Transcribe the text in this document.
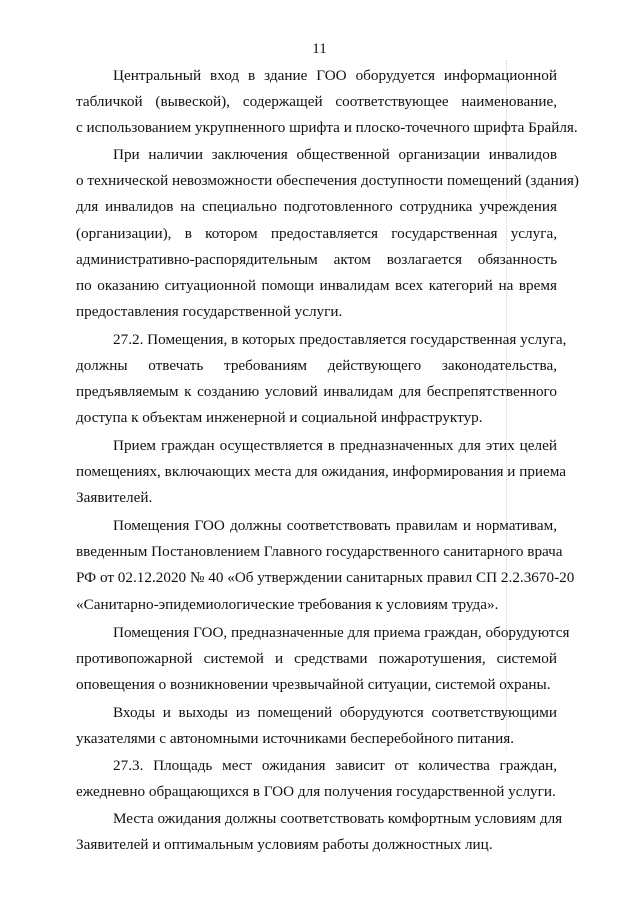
11
Центральный вход в здание ГОО оборудуется информационной
табличкой (вывеской), содержащей соответствующее наименование,
с использованием укрупненного шрифта и плоско-точечного шрифта Брайля.
При наличии заключения общественной организации инвалидов
о технической невозможности обеспечения доступности помещений (здания)
для инвалидов на специально подготовленного сотрудника учреждения
(организации), в котором предоставляется государственная услуга,
административно-распорядительным актом возлагается обязанность
по оказанию ситуационной помощи инвалидам всех категорий на время
предоставления государственной услуги.
27.2. Помещения, в которых предоставляется государственная услуга,
должны отвечать требованиям действующего законодательства,
предъявляемым к созданию условий инвалидам для беспрепятственного
доступа к объектам инженерной и социальной инфраструктур.
Прием граждан осуществляется в предназначенных для этих целей
помещениях, включающих места для ожидания, информирования и приема
Заявителей.
Помещения ГОО должны соответствовать правилам и нормативам,
введенным Постановлением Главного государственного санитарного врача
РФ от 02.12.2020 № 40 «Об утверждении санитарных правил СП 2.2.3670-20
«Санитарно-эпидемиологические требования к условиям труда».
Помещения ГОО, предназначенные для приема граждан, оборудуются
противопожарной системой и средствами пожаротушения, системой
оповещения о возникновении чрезвычайной ситуации, системой охраны.
Входы и выходы из помещений оборудуются соответствующими
указателями с автономными источниками бесперебойного питания.
27.3. Площадь мест ожидания зависит от количества граждан,
ежедневно обращающихся в ГОО для получения государственной услуги.
Места ожидания должны соответствовать комфортным условиям для
Заявителей и оптимальным условиям работы должностных лиц.
